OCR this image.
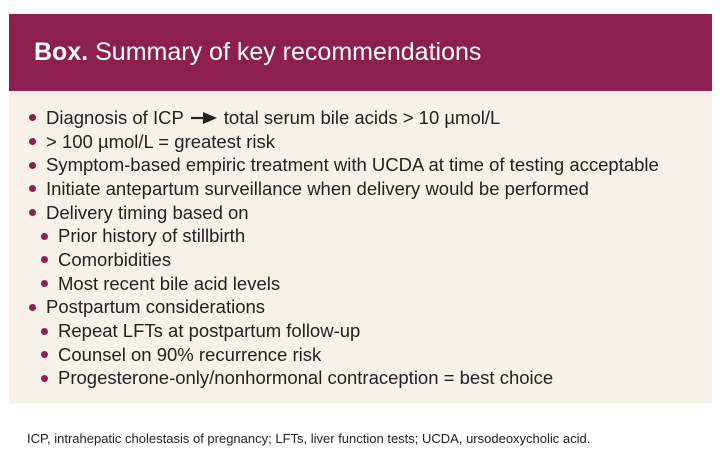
Box. Summary of key recommendations
Diagnosis of ICP total serum bile acids > 10 µmol/L
> 100 µmol/L = greatest risk
Symptom-based empiric treatment with UCDA at time of testing acceptable
Initiate antepartum surveillance when delivery would be performed
Delivery timing based on
Prior history of stillbirth
Comorbidities
Most recent bile acid levels
Postpartum considerations
Repeat LFTs at postpartum follow-up
Counsel on 90% recurrence risk
Progesterone-only/nonhormonal contraception = best choice
ICP, intrahepatic cholestasis of pregnancy; LFTs, liver function tests; UCDA, ursodeoxycholic acid.
